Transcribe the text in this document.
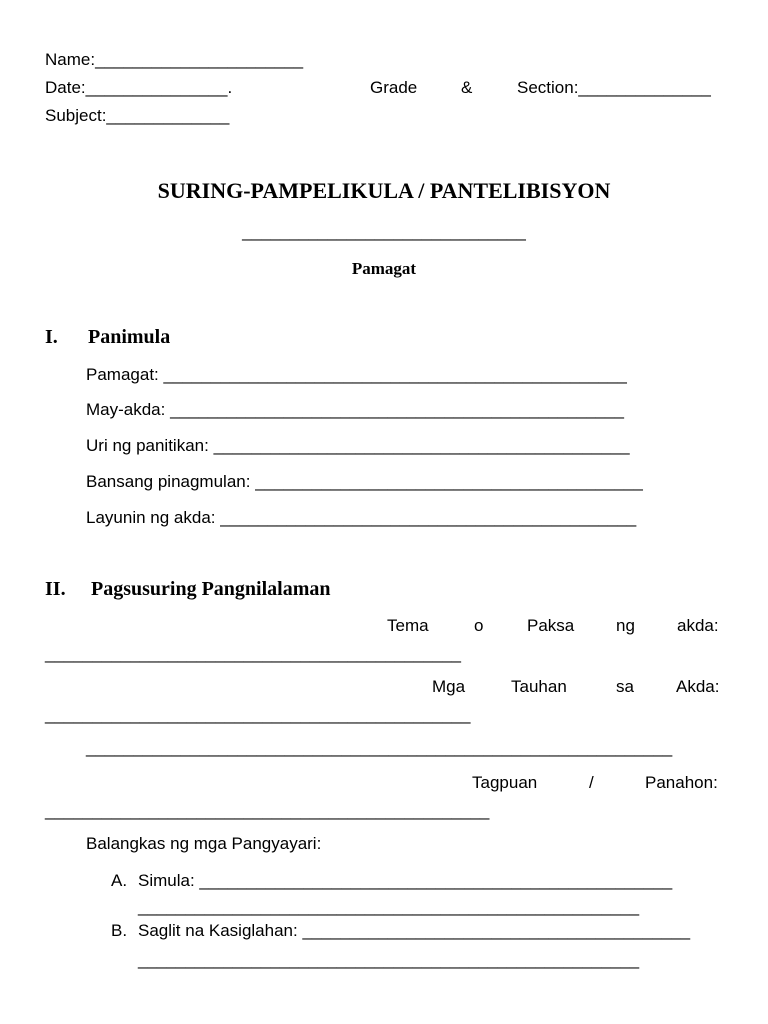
Name:______________________
Date:_______________.	Grade	&	Section:______________
Subject:_____________
SURING-PAMPELIKULA / PANTELIBISYON
______________________________
Pamagat
I. Panimula
Pamagat: _________________________________________________
May-akda: ________________________________________________
Uri ng panitikan: ____________________________________________
Bansang pinagmulan: _________________________________________
Layunin ng akda: ____________________________________________
II. Pagsusuring Pangnilalaman
Tema	o	Paksa ng akda:
____________________________________________
Mga	Tauhan	sa Akda:
_____________________________________________
______________________________________________________________
Tagpuan	/	Panahon:
_______________________________________________
Balangkas ng mga Pangyayari:
A. Simula: __________________________________________________
_____________________________________________________
B. Saglit na Kasiglahan: _________________________________________
_____________________________________________________
